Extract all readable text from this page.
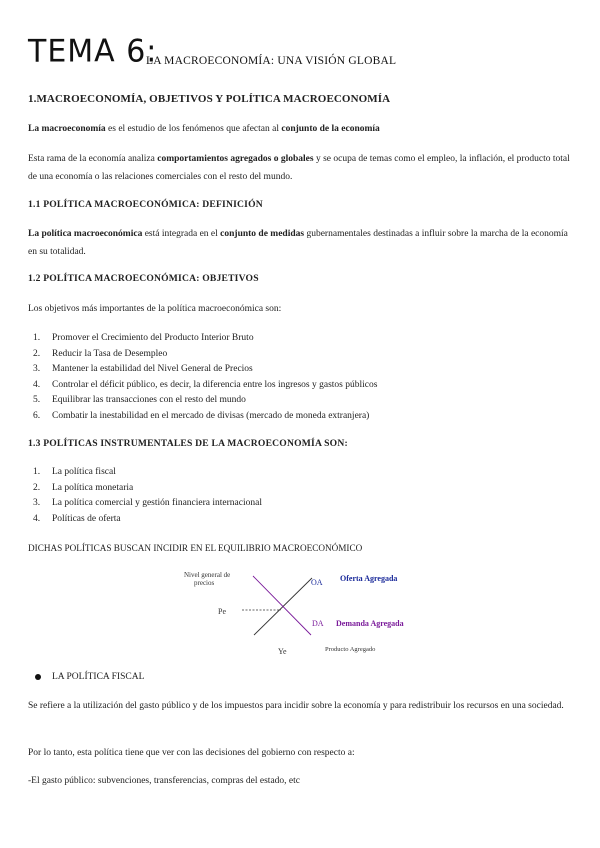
TEMA 6:
LA MACROECONOMÍA: UNA VISIÓN GLOBAL
1.MACROECONOMÍA, OBJETIVOS Y POLÍTICA MACROECONOMÍA
La macroeconomía es el estudio de los fenómenos que afectan al conjunto de la economía
Esta rama de la economía analiza comportamientos agregados o globales y se ocupa de temas como el empleo, la inflación, el producto total de una economía o las relaciones comerciales con el resto del mundo.
1.1 POLÍTICA MACROECONÓMICA: DEFINICIÓN
La política macroeconómica está integrada en el conjunto de medidas gubernamentales destinadas a influir sobre la marcha de la economía en su totalidad.
1.2 POLÍTICA MACROECONÓMICA: OBJETIVOS
Los objetivos más importantes de la política macroeconómica son:
1. Promover el Crecimiento del Producto Interior Bruto
2. Reducir la Tasa de Desempleo
3. Mantener la estabilidad del Nivel General de Precios
4. Controlar el déficit público, es decir, la diferencia entre los ingresos y gastos públicos
5. Equilibrar las transacciones con el resto del mundo
6. Combatir la inestabilidad en el mercado de divisas (mercado de moneda extranjera)
1.3 POLÍTICAS INSTRUMENTALES DE LA MACROECONOMÍA SON:
1. La política fiscal
2. La política monetaria
3. La política comercial y gestión financiera internacional
4. Políticas de oferta
DICHAS POLÍTICAS BUSCAN INCIDIR EN EL EQUILIBRIO MACROECONÓMICO
Nivel general de
precios
Pe
OA Oferta Agregada
DA Demanda Agregada
Ye	Producto Agregado
LA POLÍTICA FISCAL
Se refiere a la utilización del gasto público y de los impuestos para incidir sobre la economía y para redistribuir los recursos en una sociedad.
Por lo tanto, esta política tiene que ver con las decisiones del gobierno con respecto a:
-El gasto público: subvenciones, transferencias, compras del estado, etc
